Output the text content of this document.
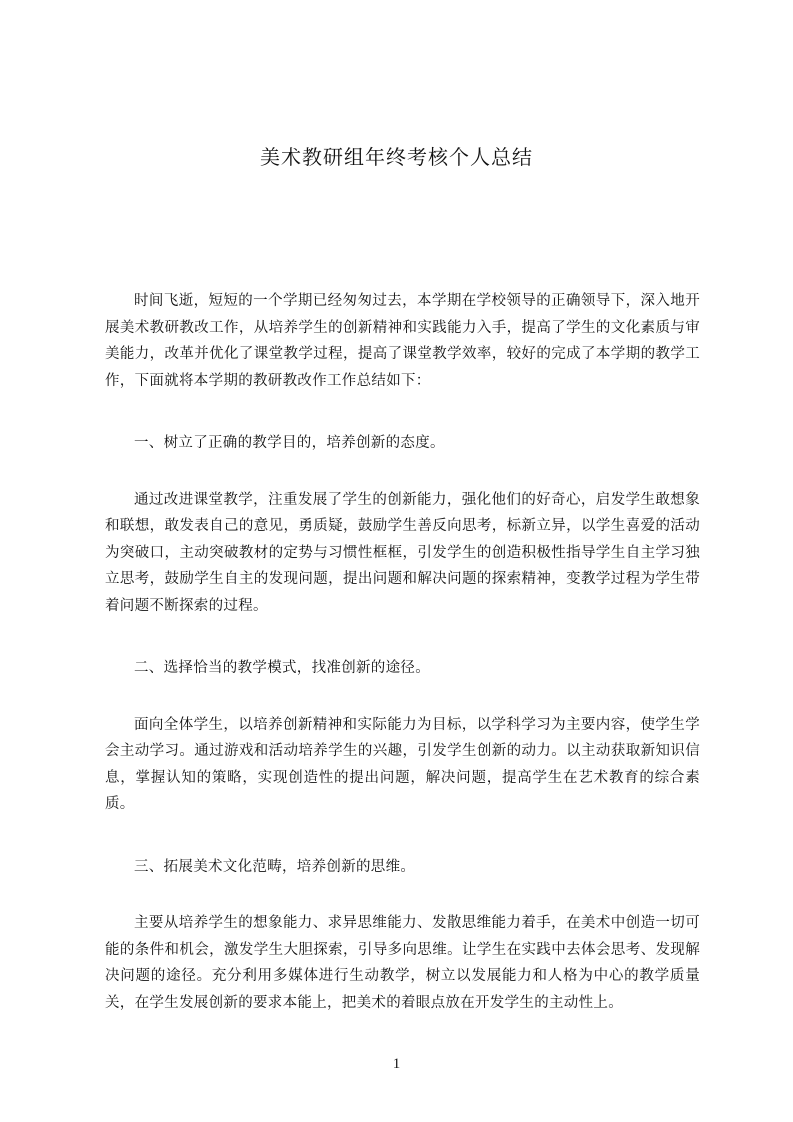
美术教研组年终考核个人总结

时间飞逝，短短的一个学期已经匆匆过去，本学期在学校领导的正确领导下，深入地开展美术教研教改工作，从培养学生的创新精神和实践能力入手，提高了学生的文化素质与审美能力，改革并优化了课堂教学过程，提高了课堂教学效率，较好的完成了本学期的教学工作，下面就将本学期的教研教改作工作总结如下：

一、树立了正确的教学目的，培养创新的态度。

通过改进课堂教学，注重发展了学生的创新能力，强化他们的好奇心，启发学生敢想象和联想，敢发表自己的意见，勇质疑，鼓励学生善反向思考，标新立异，以学生喜爱的活动为突破口，主动突破教材的定势与习惯性框框，引发学生的创造积极性指导学生自主学习独立思考，鼓励学生自主的发现问题，提出问题和解决问题的探索精神，变教学过程为学生带着问题不断探索的过程。

二、选择恰当的教学模式，找准创新的途径。

面向全体学生，以培养创新精神和实际能力为目标，以学科学习为主要内容，使学生学会主动学习。通过游戏和活动培养学生的兴趣，引发学生创新的动力。以主动获取新知识信息，掌握认知的策略，实现创造性的提出问题，解决问题，提高学生在艺术教育的综合素质。

三、拓展美术文化范畴，培养创新的思维。

主要从培养学生的想象能力、求异思维能力、发散思维能力着手，在美术中创造一切可能的条件和机会，激发学生大胆探索，引导多向思维。让学生在实践中去体会思考、发现解决问题的途径。充分利用多媒体进行生动教学，树立以发展能力和人格为中心的教学质量关，在学生发展创新的要求本能上，把美术的着眼点放在开发学生的主动性上。

1
